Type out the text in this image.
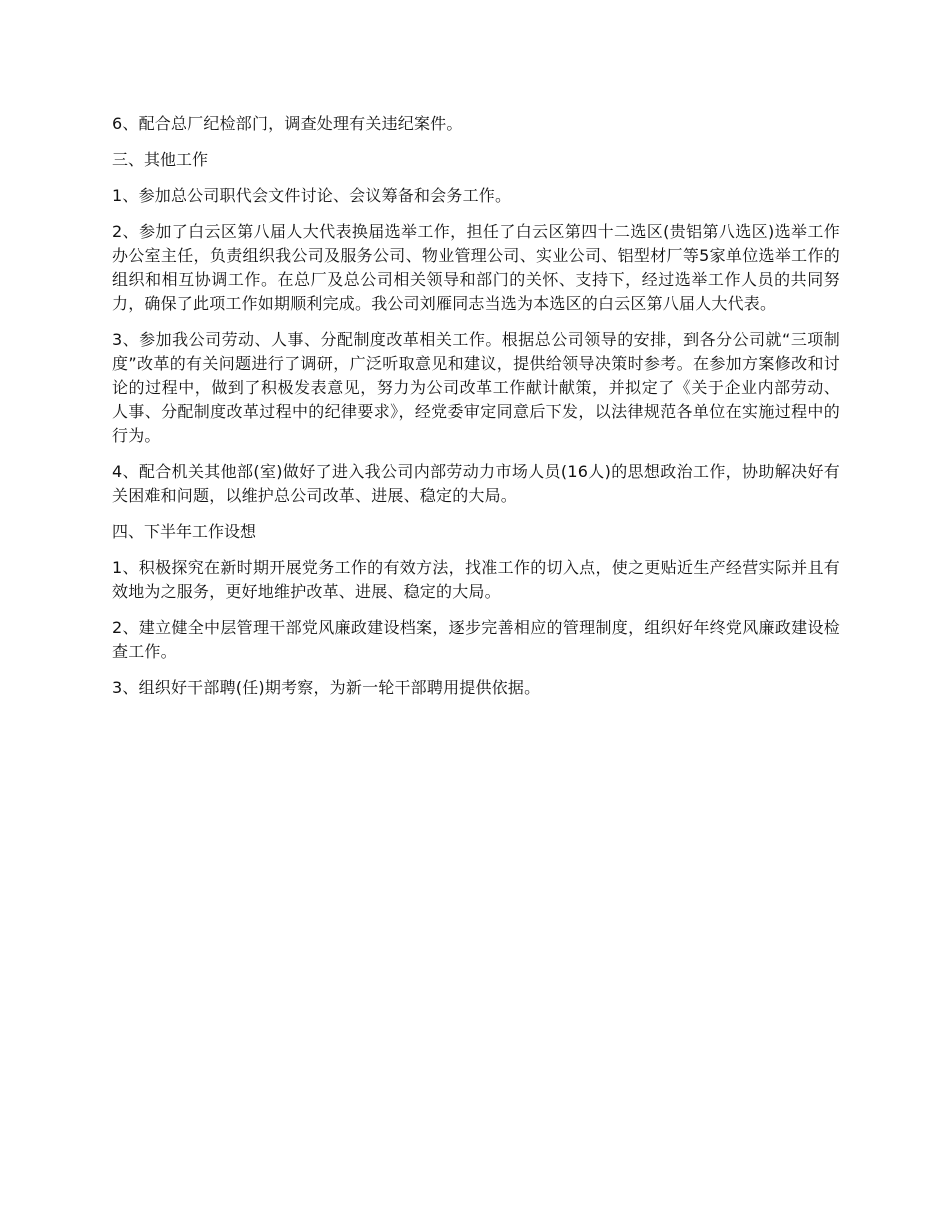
6、配合总厂纪检部门，调查处理有关违纪案件。

三、其他工作

1、参加总公司职代会文件讨论、会议筹备和会务工作。

2、参加了白云区第八届人大代表换届选举工作，担任了白云区第四十二选区(贵铝第八选区)选举工作办公室主任，负责组织我公司及服务公司、物业管理公司、实业公司、铝型材厂等5家单位选举工作的组织和相互协调工作。在总厂及总公司相关领导和部门的关怀、支持下，经过选举工作人员的共同努力，确保了此项工作如期顺利完成。我公司刘雁同志当选为本选区的白云区第八届人大代表。

3、参加我公司劳动、人事、分配制度改革相关工作。根据总公司领导的安排，到各分公司就“三项制度”改革的有关问题进行了调研，广泛听取意见和建议，提供给领导决策时参考。在参加方案修改和讨论的过程中，做到了积极发表意见，努力为公司改革工作献计献策，并拟定了《关于企业内部劳动、人事、分配制度改革过程中的纪律要求》，经党委审定同意后下发，以法律规范各单位在实施过程中的行为。

4、配合机关其他部(室)做好了进入我公司内部劳动力市场人员(16人)的思想政治工作，协助解决好有关困难和问题，以维护总公司改革、进展、稳定的大局。

四、下半年工作设想

1、积极探究在新时期开展党务工作的有效方法，找准工作的切入点，使之更贴近生产经营实际并且有效地为之服务，更好地维护改革、进展、稳定的大局。

2、建立健全中层管理干部党风廉政建设档案，逐步完善相应的管理制度，组织好年终党风廉政建设检查工作。

3、组织好干部聘(任)期考察，为新一轮干部聘用提供依据。
